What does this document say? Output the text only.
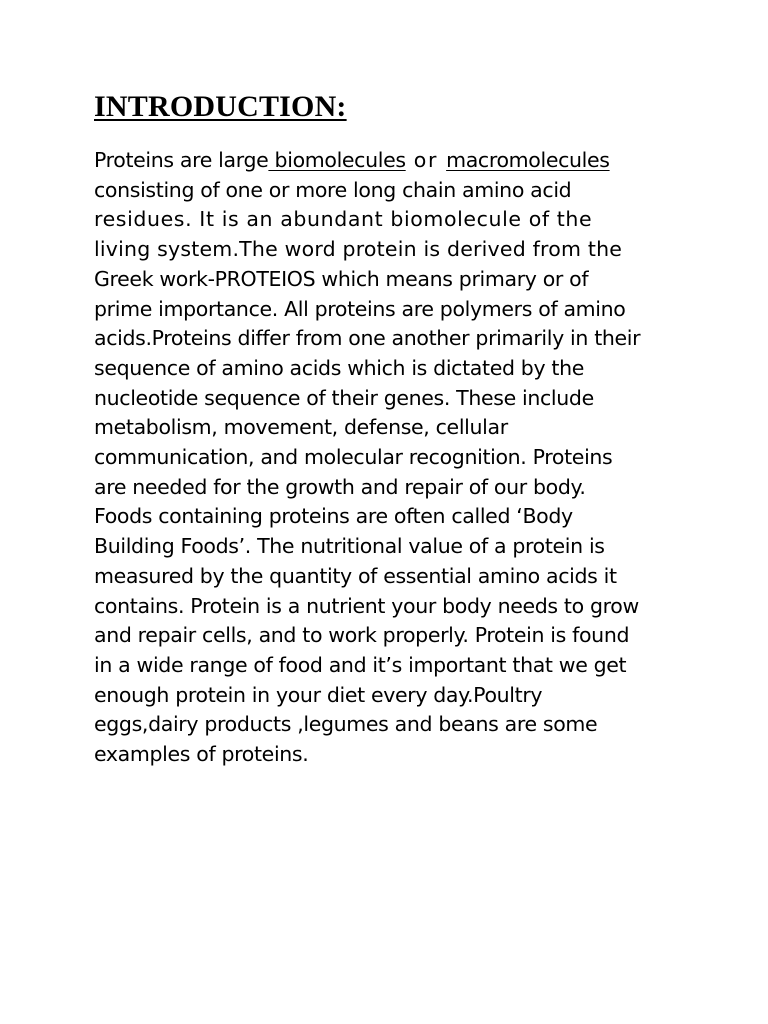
INTRODUCTION:

Proteins are large biomolecules or macromolecules
consisting of one or more long chain amino acid
residues. It is an abundant biomolecule of the
living system.The word protein is derived from the
Greek work-PROTEIOS which means primary or of
prime importance. All proteins are polymers of amino
acids.Proteins differ from one another primarily in their
sequence of amino acids which is dictated by the
nucleotide sequence of their genes. These include
metabolism, movement, defense, cellular
communication, and molecular recognition. Proteins
are needed for the growth and repair of our body.
Foods containing proteins are often called ‘Body
Building Foods’. The nutritional value of a protein is
measured by the quantity of essential amino acids it
contains. Protein is a nutrient your body needs to grow
and repair cells, and to work properly. Protein is found
in a wide range of food and it’s important that we get
enough protein in your diet every day.Poultry
eggs,dairy products ,legumes and beans are some
examples of proteins.
